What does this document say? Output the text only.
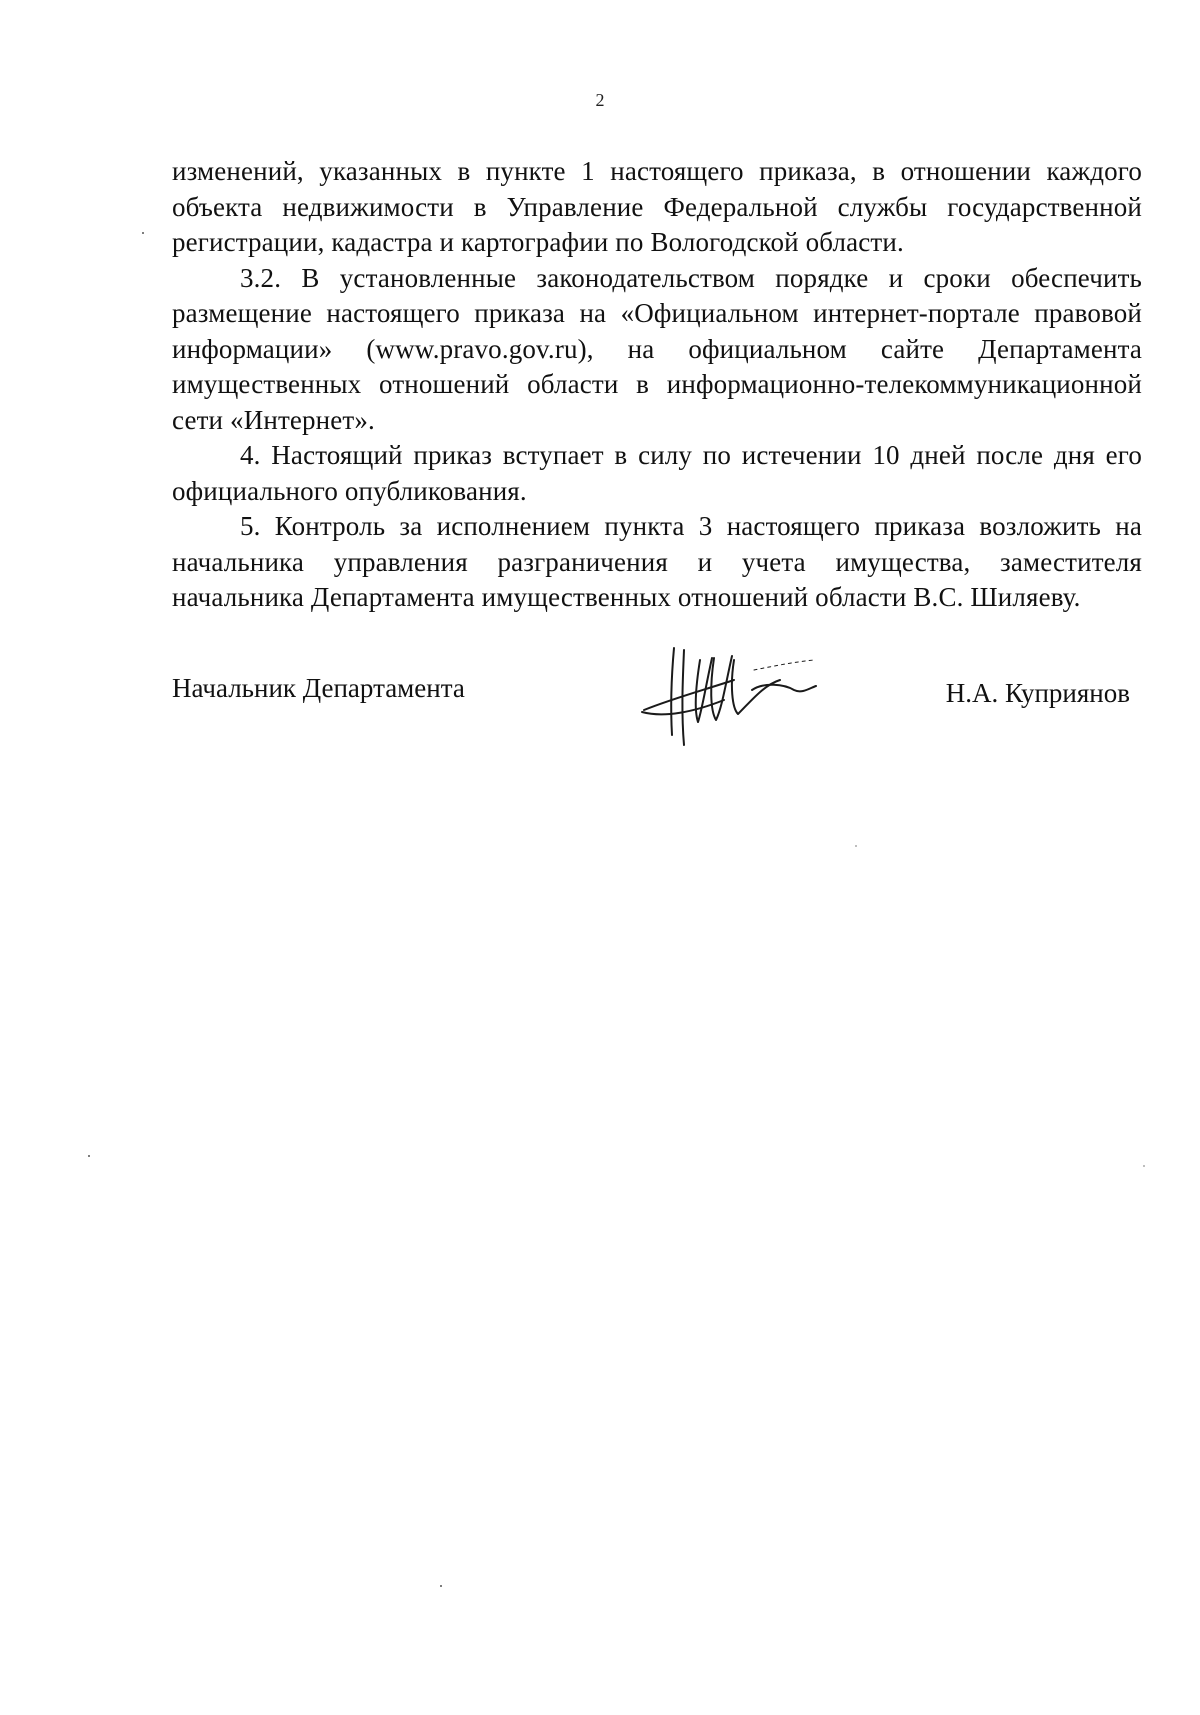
2

изменений, указанных в пункте 1 настоящего приказа, в отношении каждого объекта недвижимости в Управление Федеральной службы государственной регистрации, кадастра и картографии по Вологодской области.

3.2. В установленные законодательством порядке и сроки обеспечить размещение настоящего приказа на «Официальном интернет-портале правовой информации» (www.pravo.gov.ru), на официальном сайте Департамента имущественных отношений области в информационно-телекоммуникационной сети «Интернет».

4. Настоящий приказ вступает в силу по истечении 10 дней после дня его официального опубликования.

5. Контроль за исполнением пункта 3 настоящего приказа возложить на начальника управления разграничения и учета имущества, заместителя начальника Департамента имущественных отношений области В.С. Шиляеву.

Начальник Департамента	Н.А. Куприянов
